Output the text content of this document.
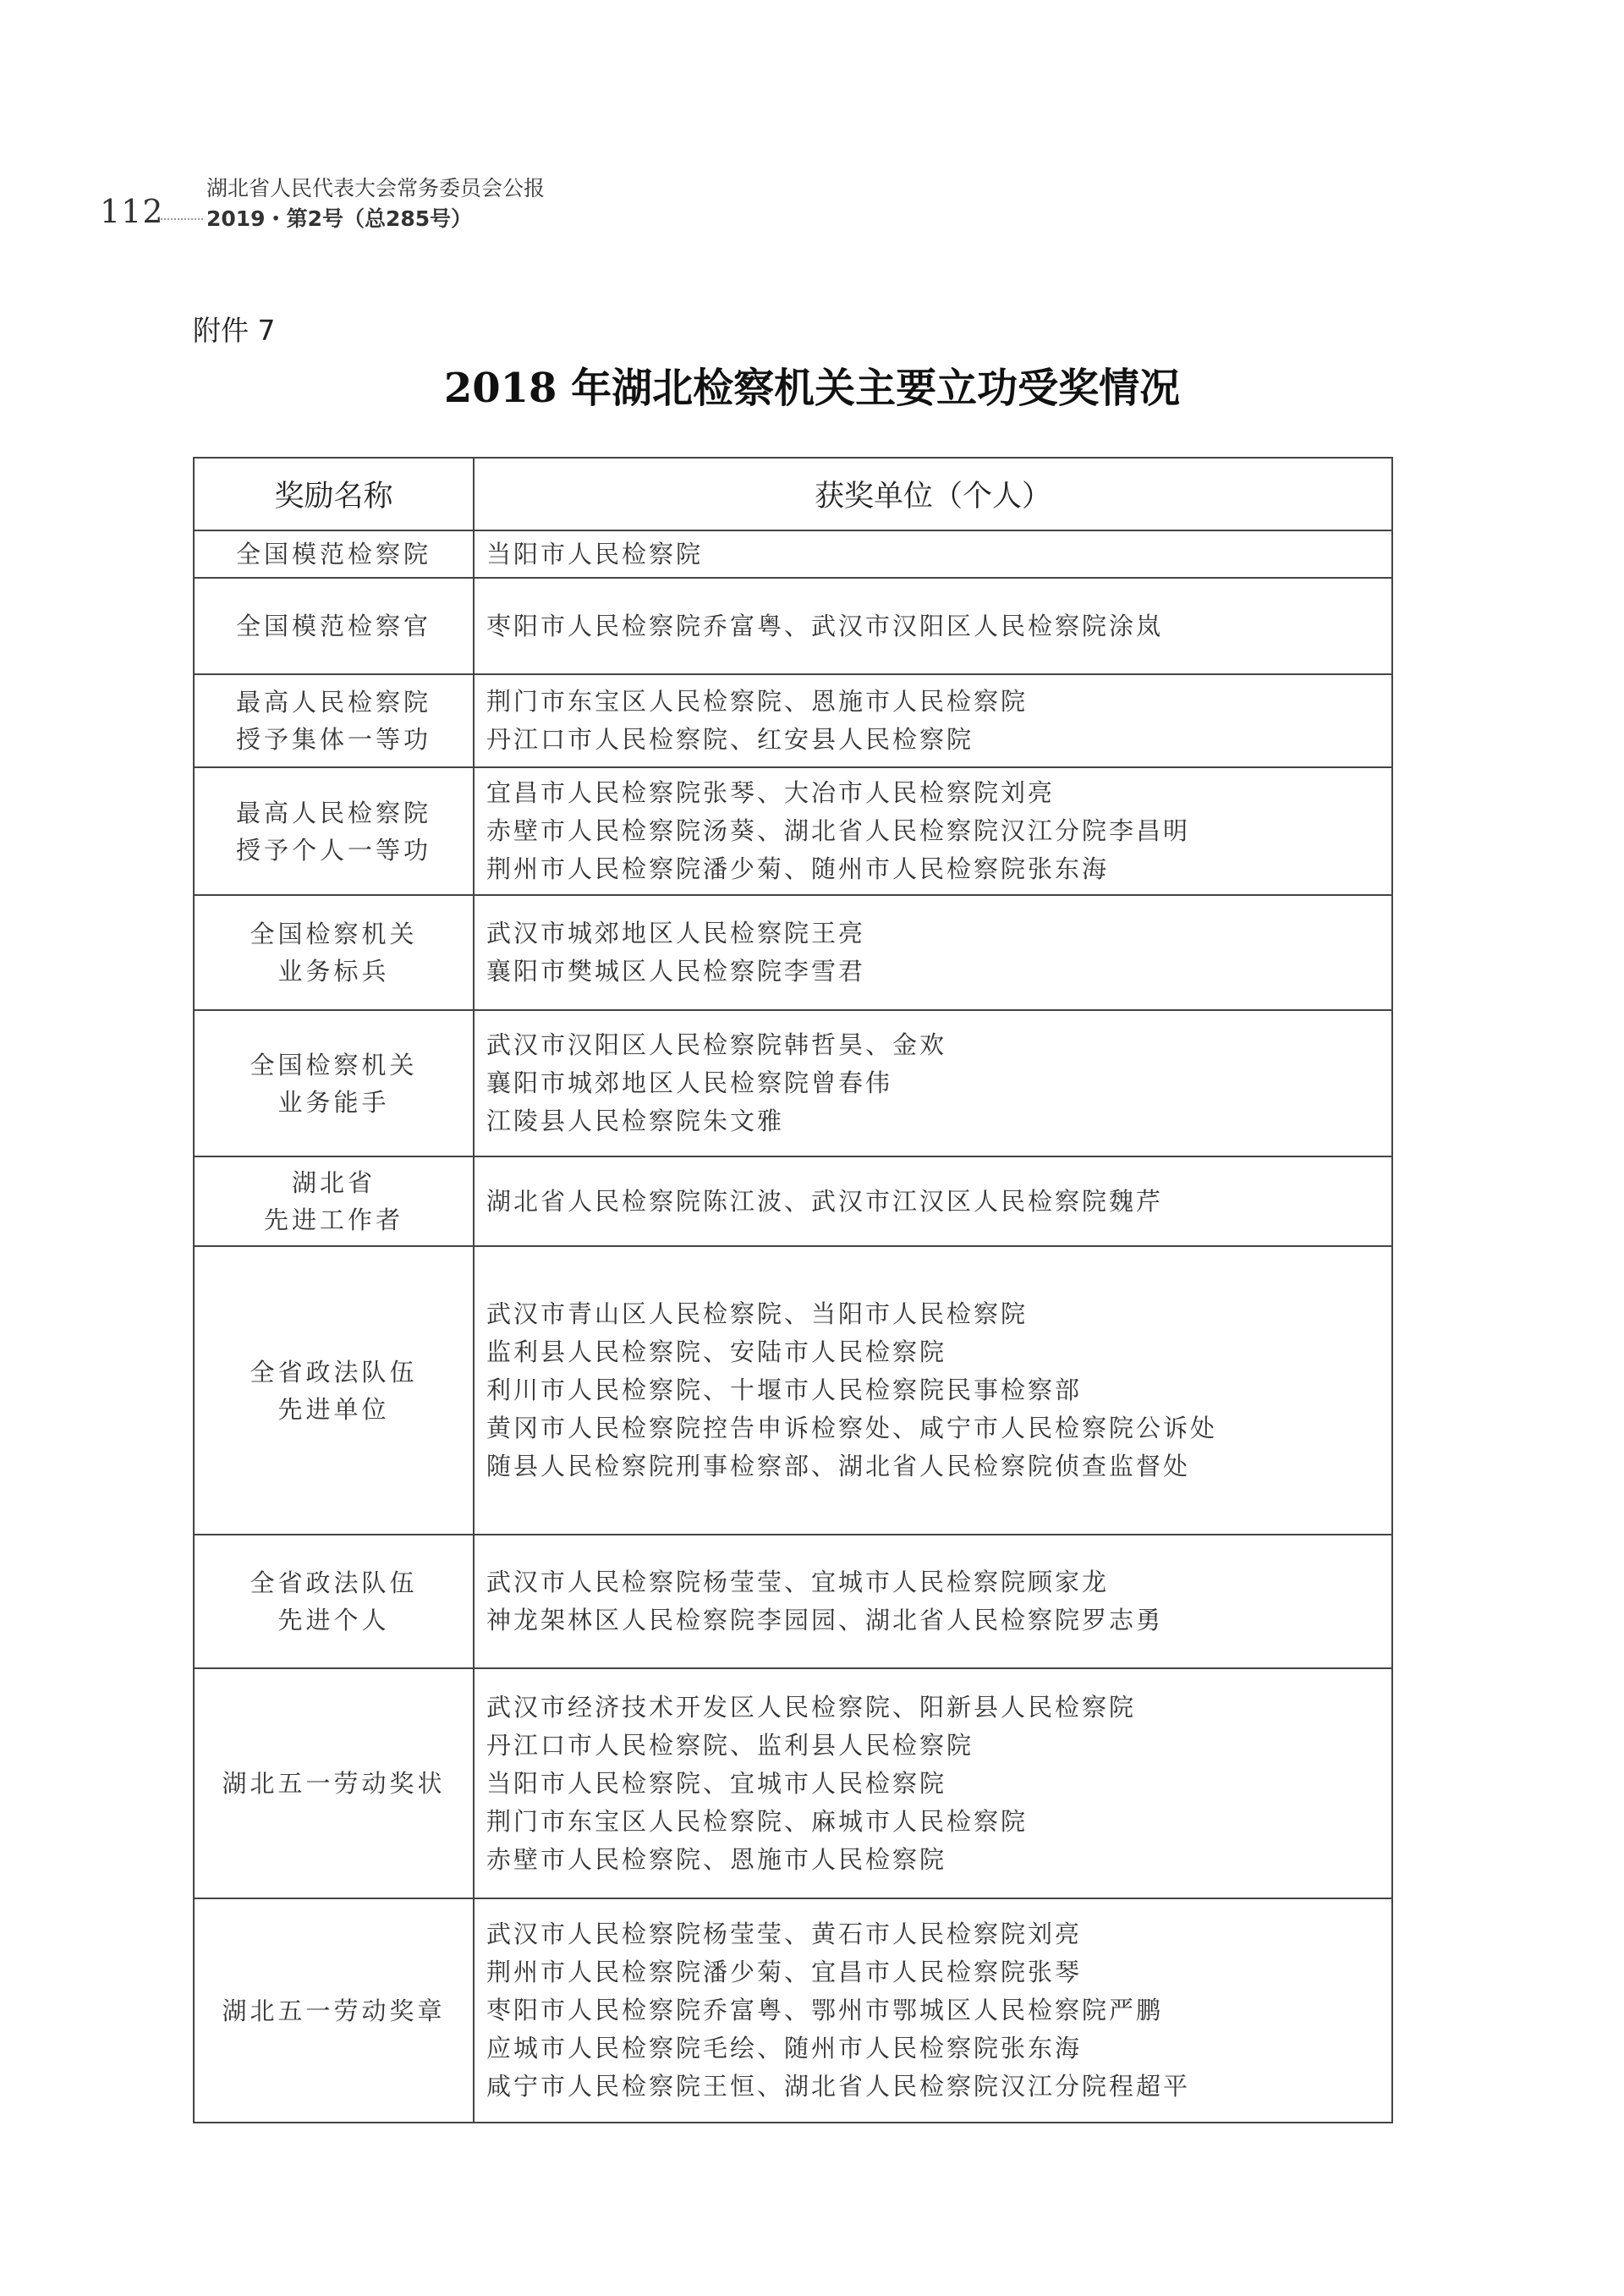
112
湖北省人民代表大会常务委员会公报
2019・第2号（总285号）
附件 7
2018 年湖北检察机关主要立功受奖情况
奖励名称	获奖单位（个人）

全国模范检察院	当阳市人民检察院

全国模范检察官	枣阳市人民检察院乔富粤、武汉市汉阳区人民检察院涂岚

最高人民检察院
授予集体一等功	荆门市东宝区人民检察院、恩施市人民检察院
丹江口市人民检察院、红安县人民检察院

最高人民检察院
授予个人一等功	宜昌市人民检察院张琴、大冶市人民检察院刘亮
赤壁市人民检察院汤葵、湖北省人民检察院汉江分院李昌明
荆州市人民检察院潘少菊、随州市人民检察院张东海

全国检察机关
业务标兵	武汉市城郊地区人民检察院王亮
襄阳市樊城区人民检察院李雪君

全国检察机关
业务能手	武汉市汉阳区人民检察院韩哲昊、金欢
襄阳市城郊地区人民检察院曾春伟
江陵县人民检察院朱文雅

湖北省
先进工作者	湖北省人民检察院陈江波、武汉市江汉区人民检察院魏芹

全省政法队伍
先进单位	武汉市青山区人民检察院、当阳市人民检察院
监利县人民检察院、安陆市人民检察院
利川市人民检察院、十堰市人民检察院民事检察部
黄冈市人民检察院控告申诉检察处、咸宁市人民检察院公诉处
随县人民检察院刑事检察部、湖北省人民检察院侦查监督处

全省政法队伍
先进个人	武汉市人民检察院杨莹莹、宜城市人民检察院顾家龙
神龙架林区人民检察院李园园、湖北省人民检察院罗志勇

湖北五一劳动奖状	武汉市经济技术开发区人民检察院、阳新县人民检察院
丹江口市人民检察院、监利县人民检察院
当阳市人民检察院、宜城市人民检察院
荆门市东宝区人民检察院、麻城市人民检察院
赤壁市人民检察院、恩施市人民检察院

湖北五一劳动奖章	武汉市人民检察院杨莹莹、黄石市人民检察院刘亮
荆州市人民检察院潘少菊、宜昌市人民检察院张琴
枣阳市人民检察院乔富粤、鄂州市鄂城区人民检察院严鹏
应城市人民检察院毛绘、随州市人民检察院张东海
咸宁市人民检察院王恒、湖北省人民检察院汉江分院程超平
